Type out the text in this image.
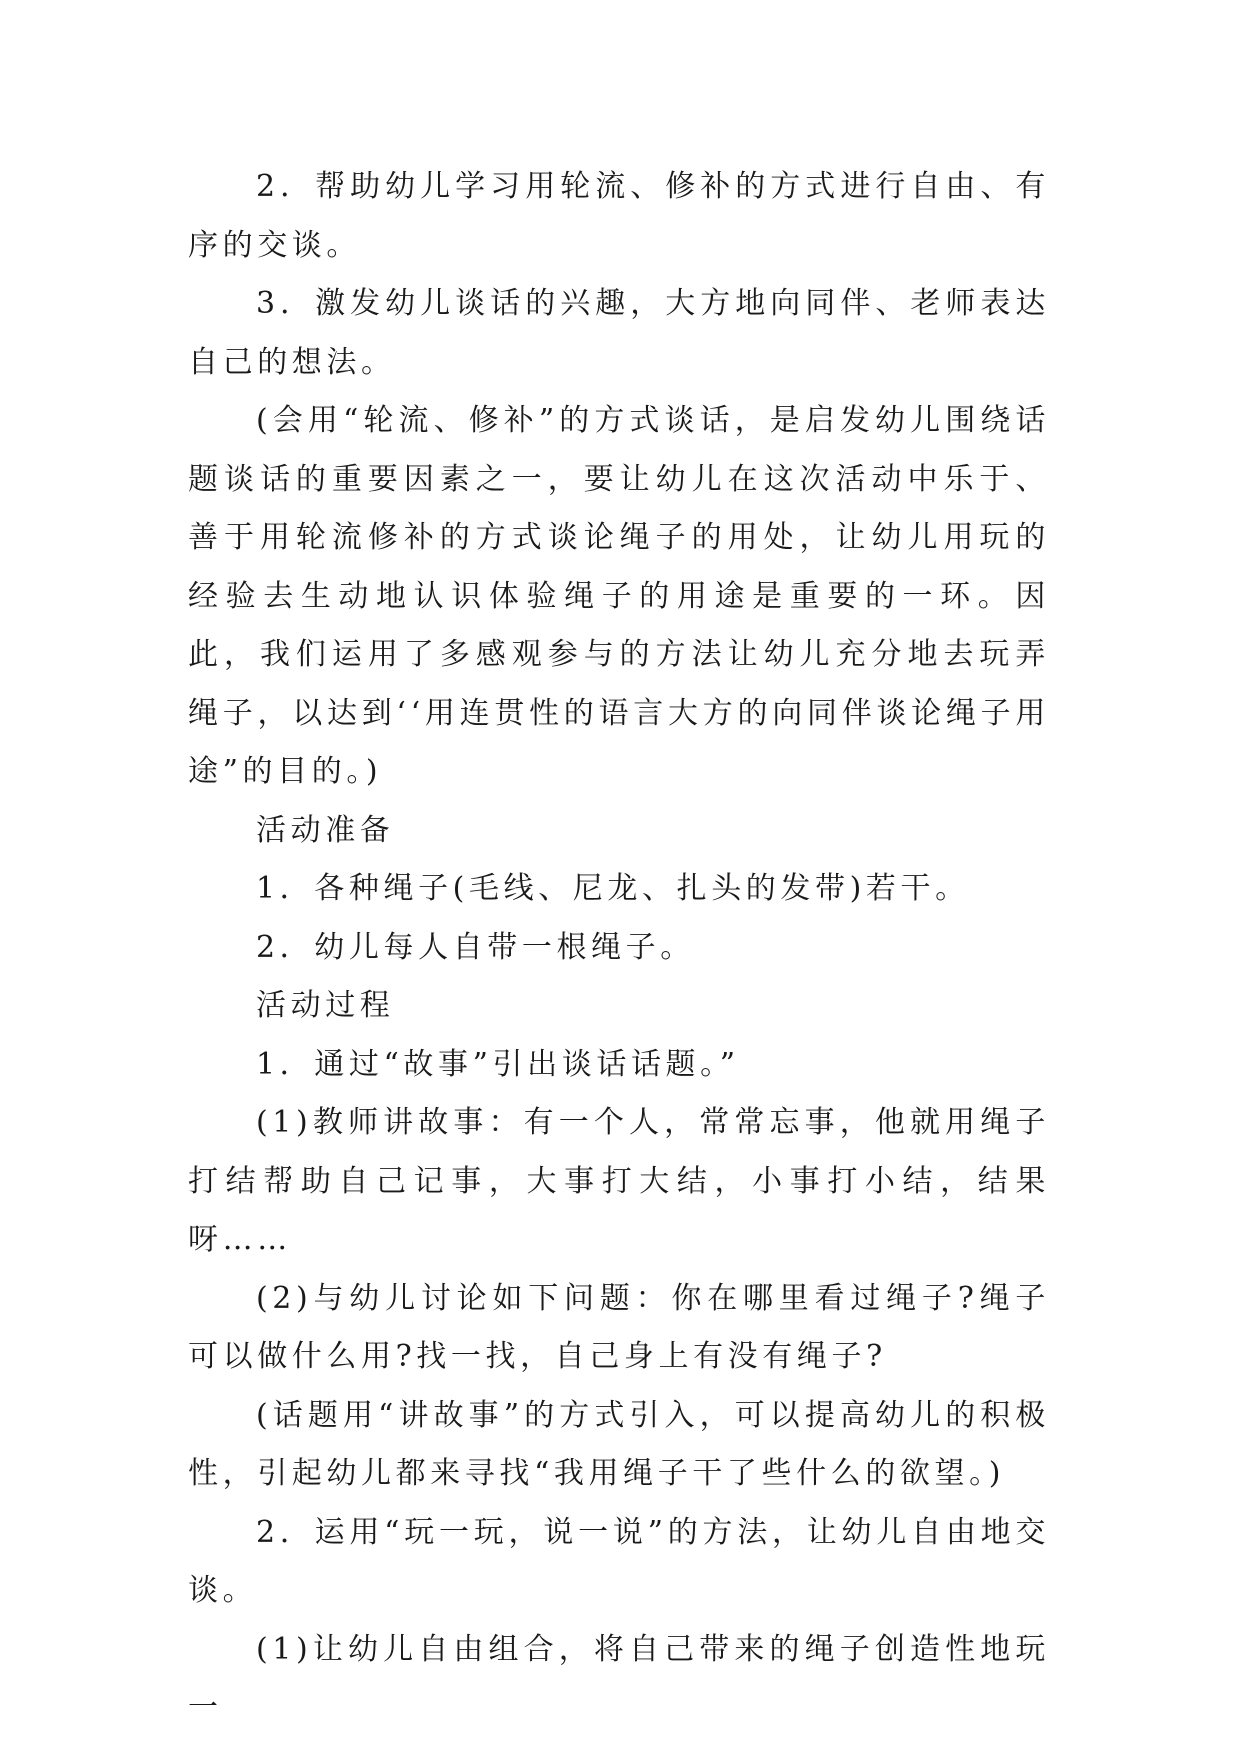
2．帮助幼儿学习用轮流、修补的方式进行自由、有序的交谈。

3．激发幼儿谈话的兴趣，大方地向同伴、老师表达自己的想法。

(会用“轮流、修补”的方式谈话，是启发幼儿围绕话题谈话的重要因素之一，要让幼儿在这次活动中乐于、善于用轮流修补的方式谈论绳子的用处，让幼儿用玩的经验去生动地认识体验绳子的用途是重要的一环。因此，我们运用了多感观参与的方法让幼儿充分地去玩弄绳子，以达到‘‘用连贯性的语言大方的向同伴谈论绳子用途”的目的。)

活动准备

1．各种绳子(毛线、尼龙、扎头的发带)若干。

2．幼儿每人自带一根绳子。

活动过程

1．通过“故事”引出谈话话题。”

(1)教师讲故事：有一个人，常常忘事，他就用绳子打结帮助自己记事，大事打大结，小事打小结，结果呀……

(2)与幼儿讨论如下问题：你在哪里看过绳子?绳子可以做什么用?找一找，自己身上有没有绳子?

(话题用“讲故事”的方式引入，可以提高幼儿的积极性，引起幼儿都来寻找“我用绳子干了些什么的欲望。)

2．运用“玩一玩，说一说”的方法，让幼儿自由地交谈。

(1)让幼儿自由组合，将自己带来的绳子创造性地玩一
